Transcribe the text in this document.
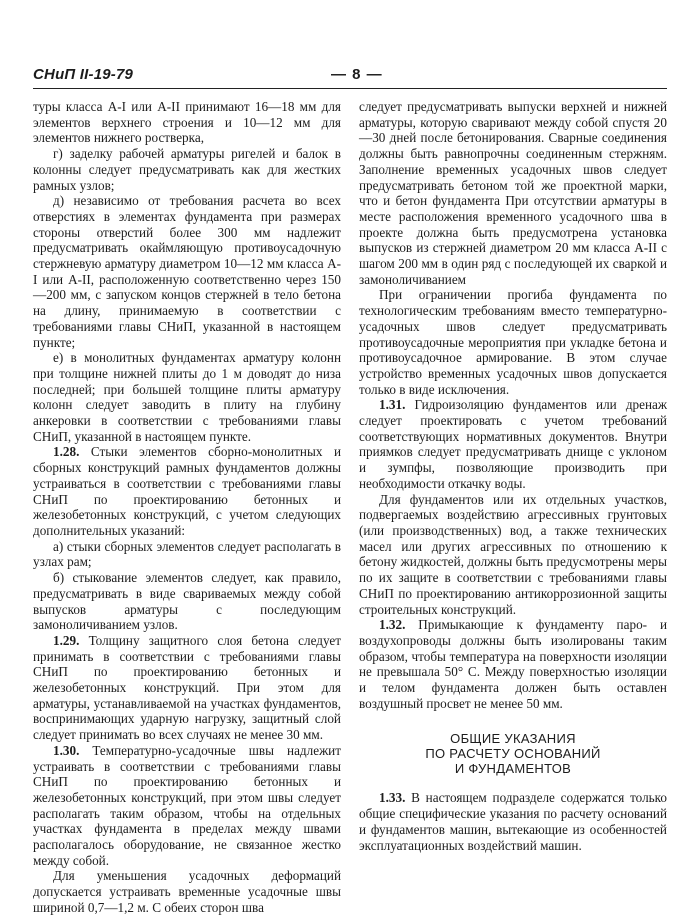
СНиП II-19-79	— 8 —

туры класса А-I или А-II принимают 16—18 мм для элементов верхнего строения и 10—12 мм для элементов нижнего ростверка,

г) заделку рабочей арматуры ригелей и балок в колонны следует предусматривать как для жестких рамных узлов;

д) независимо от требования расчета во всех отверстиях в элементах фундамента при размерах стороны отверстий более 300 мм надлежит предусматривать окаймляющую противоусадочную стержневую арматуру диаметром 10—12 мм класса А-I или А-II, расположенную соответственно через 150—200 мм, с запуском концов стержней в тело бетона на длину, принимаемую в соответствии с требованиями главы СНиП, указанной в настоящем пункте;

е) в монолитных фундаментах арматуру колонн при толщине нижней плиты до 1 м доводят до низа последней; при большей толщине плиты арматуру колонн следует заводить в плиту на глубину анкеровки в соответствии с требованиями главы СНиП, указанной в настоящем пункте.

1.28. Стыки элементов сборно-монолитных и сборных конструкций рамных фундаментов должны устраиваться в соответствии с требованиями главы СНиП по проектированию бетонных и железобетонных конструкций, с учетом следующих дополнительных указаний:

а) стыки сборных элементов следует располагать в узлах рам;

б) стыкование элементов следует, как правило, предусматривать в виде свариваемых между собой выпусков арматуры с последующим замоноличиванием узлов.

1.29. Толщину защитного слоя бетона следует принимать в соответствии с требованиями главы СНиП по проектированию бетонных и железобетонных конструкций. При этом для арматуры, устанавливаемой на участках фундаментов, воспринимающих ударную нагрузку, защитный слой следует принимать во всех случаях не менее 30 мм.

1.30. Температурно-усадочные швы надлежит устраивать в соответствии с требованиями главы СНиП по проектированию бетонных и железобетонных конструкций, при этом швы следует располагать таким образом, чтобы на отдельных участках фундамента в пределах между швами располагалось оборудование, не связанное жестко между собой.

Для уменьшения усадочных деформаций допускается устраивать временные усадочные швы шириной 0,7—1,2 м. С обеих сторон шва

следует предусматривать выпуски верхней и нижней арматуры, которую сваривают между собой спустя 20—30 дней после бетонирования. Сварные соединения должны быть равнопрочны соединенным стержням. Заполнение временных усадочных швов следует предусматривать бетоном той же проектной марки, что и бетон фундамента При отсутствии арматуры в месте расположения временного усадочного шва в проекте должна быть предусмотрена установка выпусков из стержней диаметром 20 мм класса А-II с шагом 200 мм в один ряд с последующей их сваркой и замоноличиванием

При ограничении прогиба фундамента по технологическим требованиям вместо температурно-усадочных швов следует предусматривать противоусадочные мероприятия при укладке бетона и противоусадочное армирование. В этом случае устройство временных усадочных швов допускается только в виде исключения.

1.31. Гидроизоляцию фундаментов или дренаж следует проектировать с учетом требований соответствующих нормативных документов. Внутри приямков следует предусматривать днище с уклоном и зумпфы, позволяющие производить при необходимости откачку воды.

Для фундаментов или их отдельных участков, подвергаемых воздействию агрессивных грунтовых (или производственных) вод, а также технических масел или других агрессивных по отношению к бетону жидкостей, должны быть предусмотрены меры по их защите в соответствии с требованиями главы СНиП по проектированию антикоррозионной защиты строительных конструкций.

1.32. Примыкающие к фундаменту паро- и воздухопроводы должны быть изолированы таким образом, чтобы температура на поверхности изоляции не превышала 50° С. Между поверхностью изоляции и телом фундамента должен быть оставлен воздушный просвет не менее 50 мм.

ОБЩИЕ УКАЗАНИЯ
ПО РАСЧЕТУ ОСНОВАНИЙ
И ФУНДАМЕНТОВ

1.33. В настоящем подразделе содержатся только общие специфические указания по расчету оснований и фундаментов машин, вытекающие из особенностей эксплуатационных воздействий машин.
